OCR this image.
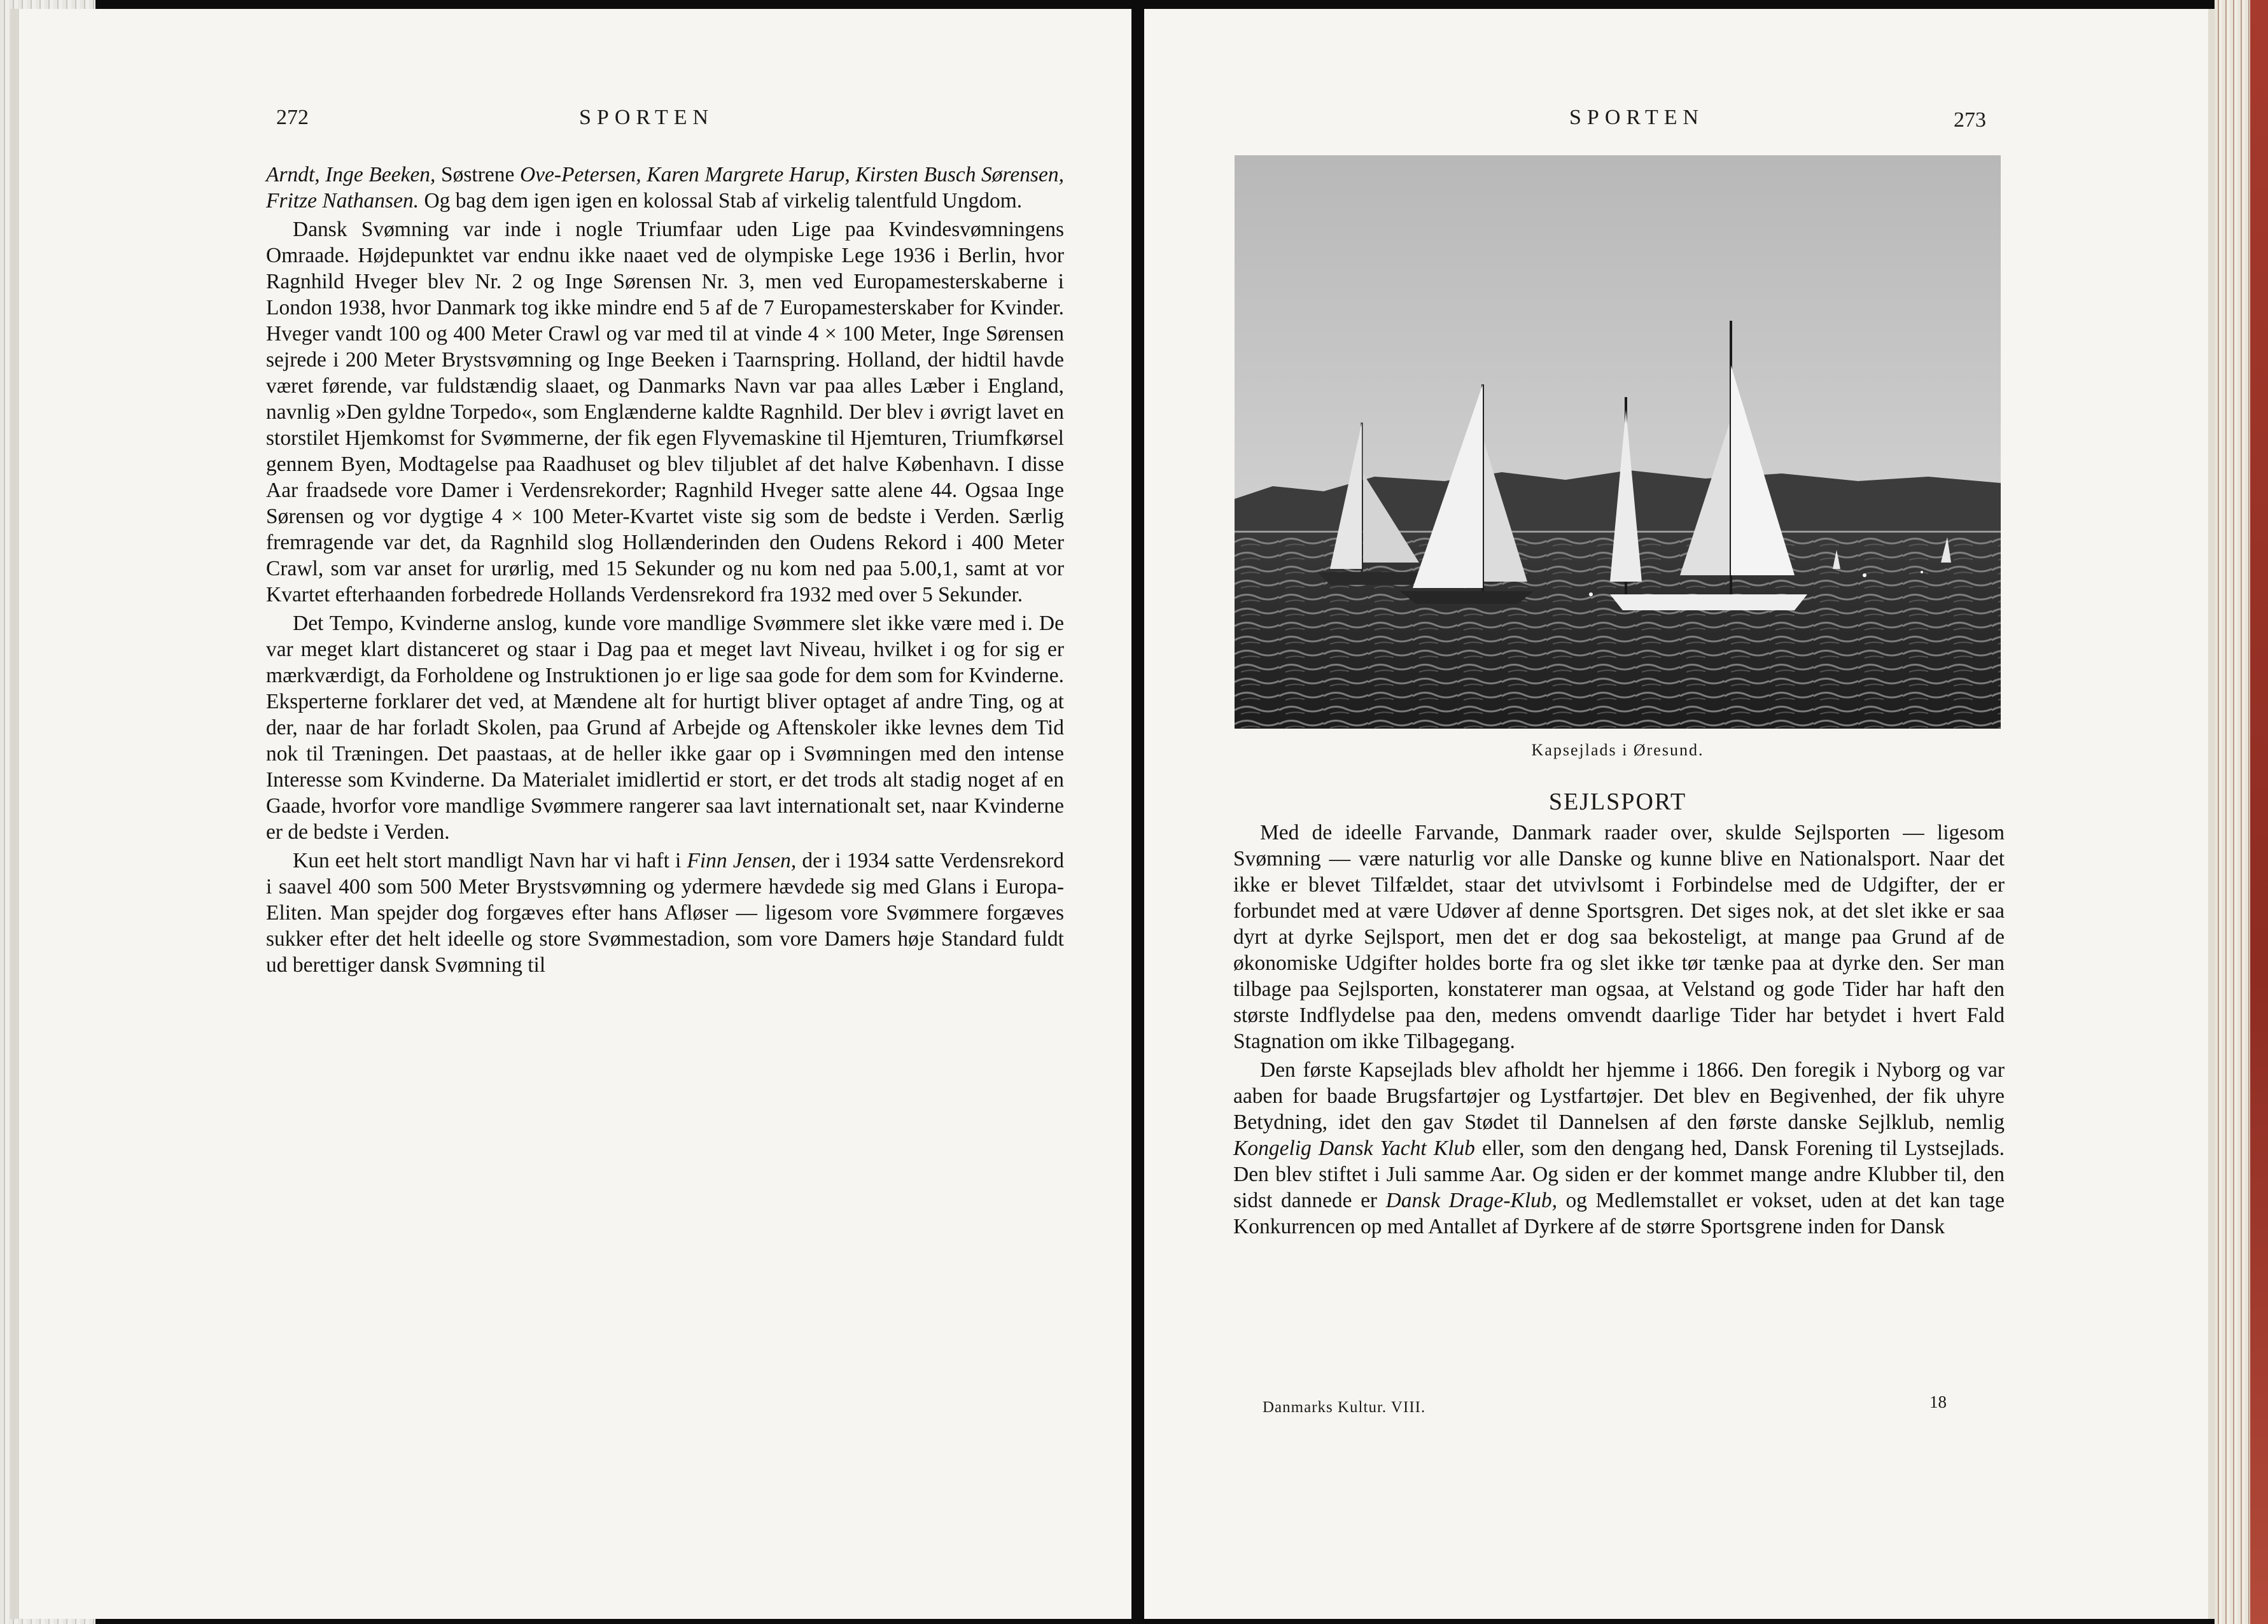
272	SPORTEN

Arndt, Inge Beeken, Søstrene Ove-Petersen, Karen Margrete Harup, Kirsten Busch Sørensen, Fritze Nathansen. Og bag dem igen igen en kolossal Stab af virkelig talentfuld Ungdom.

Dansk Svømning var inde i nogle Triumfaar uden Lige paa Kvindesvømningens Omraade. Højdepunktet var endnu ikke naaet ved de olympiske Lege 1936 i Berlin, hvor Ragnhild Hveger blev Nr. 2 og Inge Sørensen Nr. 3, men ved Europamesterskaberne i London 1938, hvor Danmark tog ikke mindre end 5 af de 7 Europamesterskaber for Kvinder. Hveger vandt 100 og 400 Meter Crawl og var med til at vinde 4 × 100 Meter, Inge Sørensen sejrede i 200 Meter Brystsvømning og Inge Beeken i Taarnspring. Holland, der hidtil havde været førende, var fuldstændig slaaet, og Danmarks Navn var paa alles Læber i England, navnlig »Den gyldne Torpedo«, som Englænderne kaldte Ragnhild. Der blev i øvrigt lavet en storstilet Hjemkomst for Svømmerne, der fik egen Flyvemaskine til Hjemturen, Triumfkørsel gennem Byen, Modtagelse paa Raadhuset og blev tiljublet af det halve København. I disse Aar fraadsede vore Damer i Verdensrekorder; Ragnhild Hveger satte alene 44. Ogsaa Inge Sørensen og vor dygtige 4 × 100 Meter-Kvartet viste sig som de bedste i Verden. Særlig fremragende var det, da Ragnhild slog Hollænderinden den Oudens Rekord i 400 Meter Crawl, som var anset for urørlig, med 15 Sekunder og nu kom ned paa 5.00,1, samt at vor Kvartet efterhaanden forbedrede Hollands Verdensrekord fra 1932 med over 5 Sekunder.

Det Tempo, Kvinderne anslog, kunde vore mandlige Svømmere slet ikke være med i. De var meget klart distanceret og staar i Dag paa et meget lavt Niveau, hvilket i og for sig er mærkværdigt, da Forholdene og Instruktionen jo er lige saa gode for dem som for Kvinderne. Eksperterne forklarer det ved, at Mændene alt for hurtigt bliver optaget af andre Ting, og at der, naar de har forladt Skolen, paa Grund af Arbejde og Aftenskoler ikke levnes dem Tid nok til Træningen. Det paastaas, at de heller ikke gaar op i Svømningen med den intense Interesse som Kvinderne. Da Materialet imidlertid er stort, er det trods alt stadig noget af en Gaade, hvorfor vore mandlige Svømmere rangerer saa lavt internationalt set, naar Kvinderne er de bedste i Verden.

Kun eet helt stort mandligt Navn har vi haft i Finn Jensen, der i 1934 satte Verdensrekord i saavel 400 som 500 Meter Brystsvømning og ydermere hævdede sig med Glans i Europa-Eliten. Man spejder dog forgæves efter hans Afløser — ligesom vore Svømmere forgæves sukker efter det helt ideelle og store Svømmestadion, som vore Damers høje Standard fuldt ud berettiger dansk Svømning til

SPORTEN	273
Kapsejlads i Øresund.
SEJLSPORT

Med de ideelle Farvande, Danmark raader over, skulde Sejlsporten — ligesom Svømning — være naturlig vor alle Danske og kunne blive en Nationalsport. Naar det ikke er blevet Tilfældet, staar det utvivlsomt i Forbindelse med de Udgifter, der er forbundet med at være Udøver af denne Sportsgren. Det siges nok, at det slet ikke er saa dyrt at dyrke Sejlsport, men det er dog saa bekosteligt, at mange paa Grund af de økonomiske Udgifter holdes borte fra og slet ikke tør tænke paa at dyrke den. Ser man tilbage paa Sejlsporten, konstaterer man ogsaa, at Velstand og gode Tider har haft den største Indflydelse paa den, medens omvendt daarlige Tider har betydet i hvert Fald Stagnation om ikke Tilbagegang.

Den første Kapsejlads blev afholdt her hjemme i 1866. Den foregik i Nyborg og var aaben for baade Brugsfartøjer og Lystfartøjer. Det blev en Begivenhed, der fik uhyre Betydning, idet den gav Stødet til Dannelsen af den første danske Sejlklub, nemlig Kongelig Dansk Yacht Klub eller, som den dengang hed, Dansk Forening til Lystsejlads. Den blev stiftet i Juli samme Aar. Og siden er der kommet mange andre Klubber til, den sidst dannede er Dansk Drage-Klub, og Medlemstallet er vokset, uden at det kan tage Konkurrencen op med Antallet af Dyrkere af de større Sportsgrene inden for Dansk

Danmarks Kultur. VIII.	18
